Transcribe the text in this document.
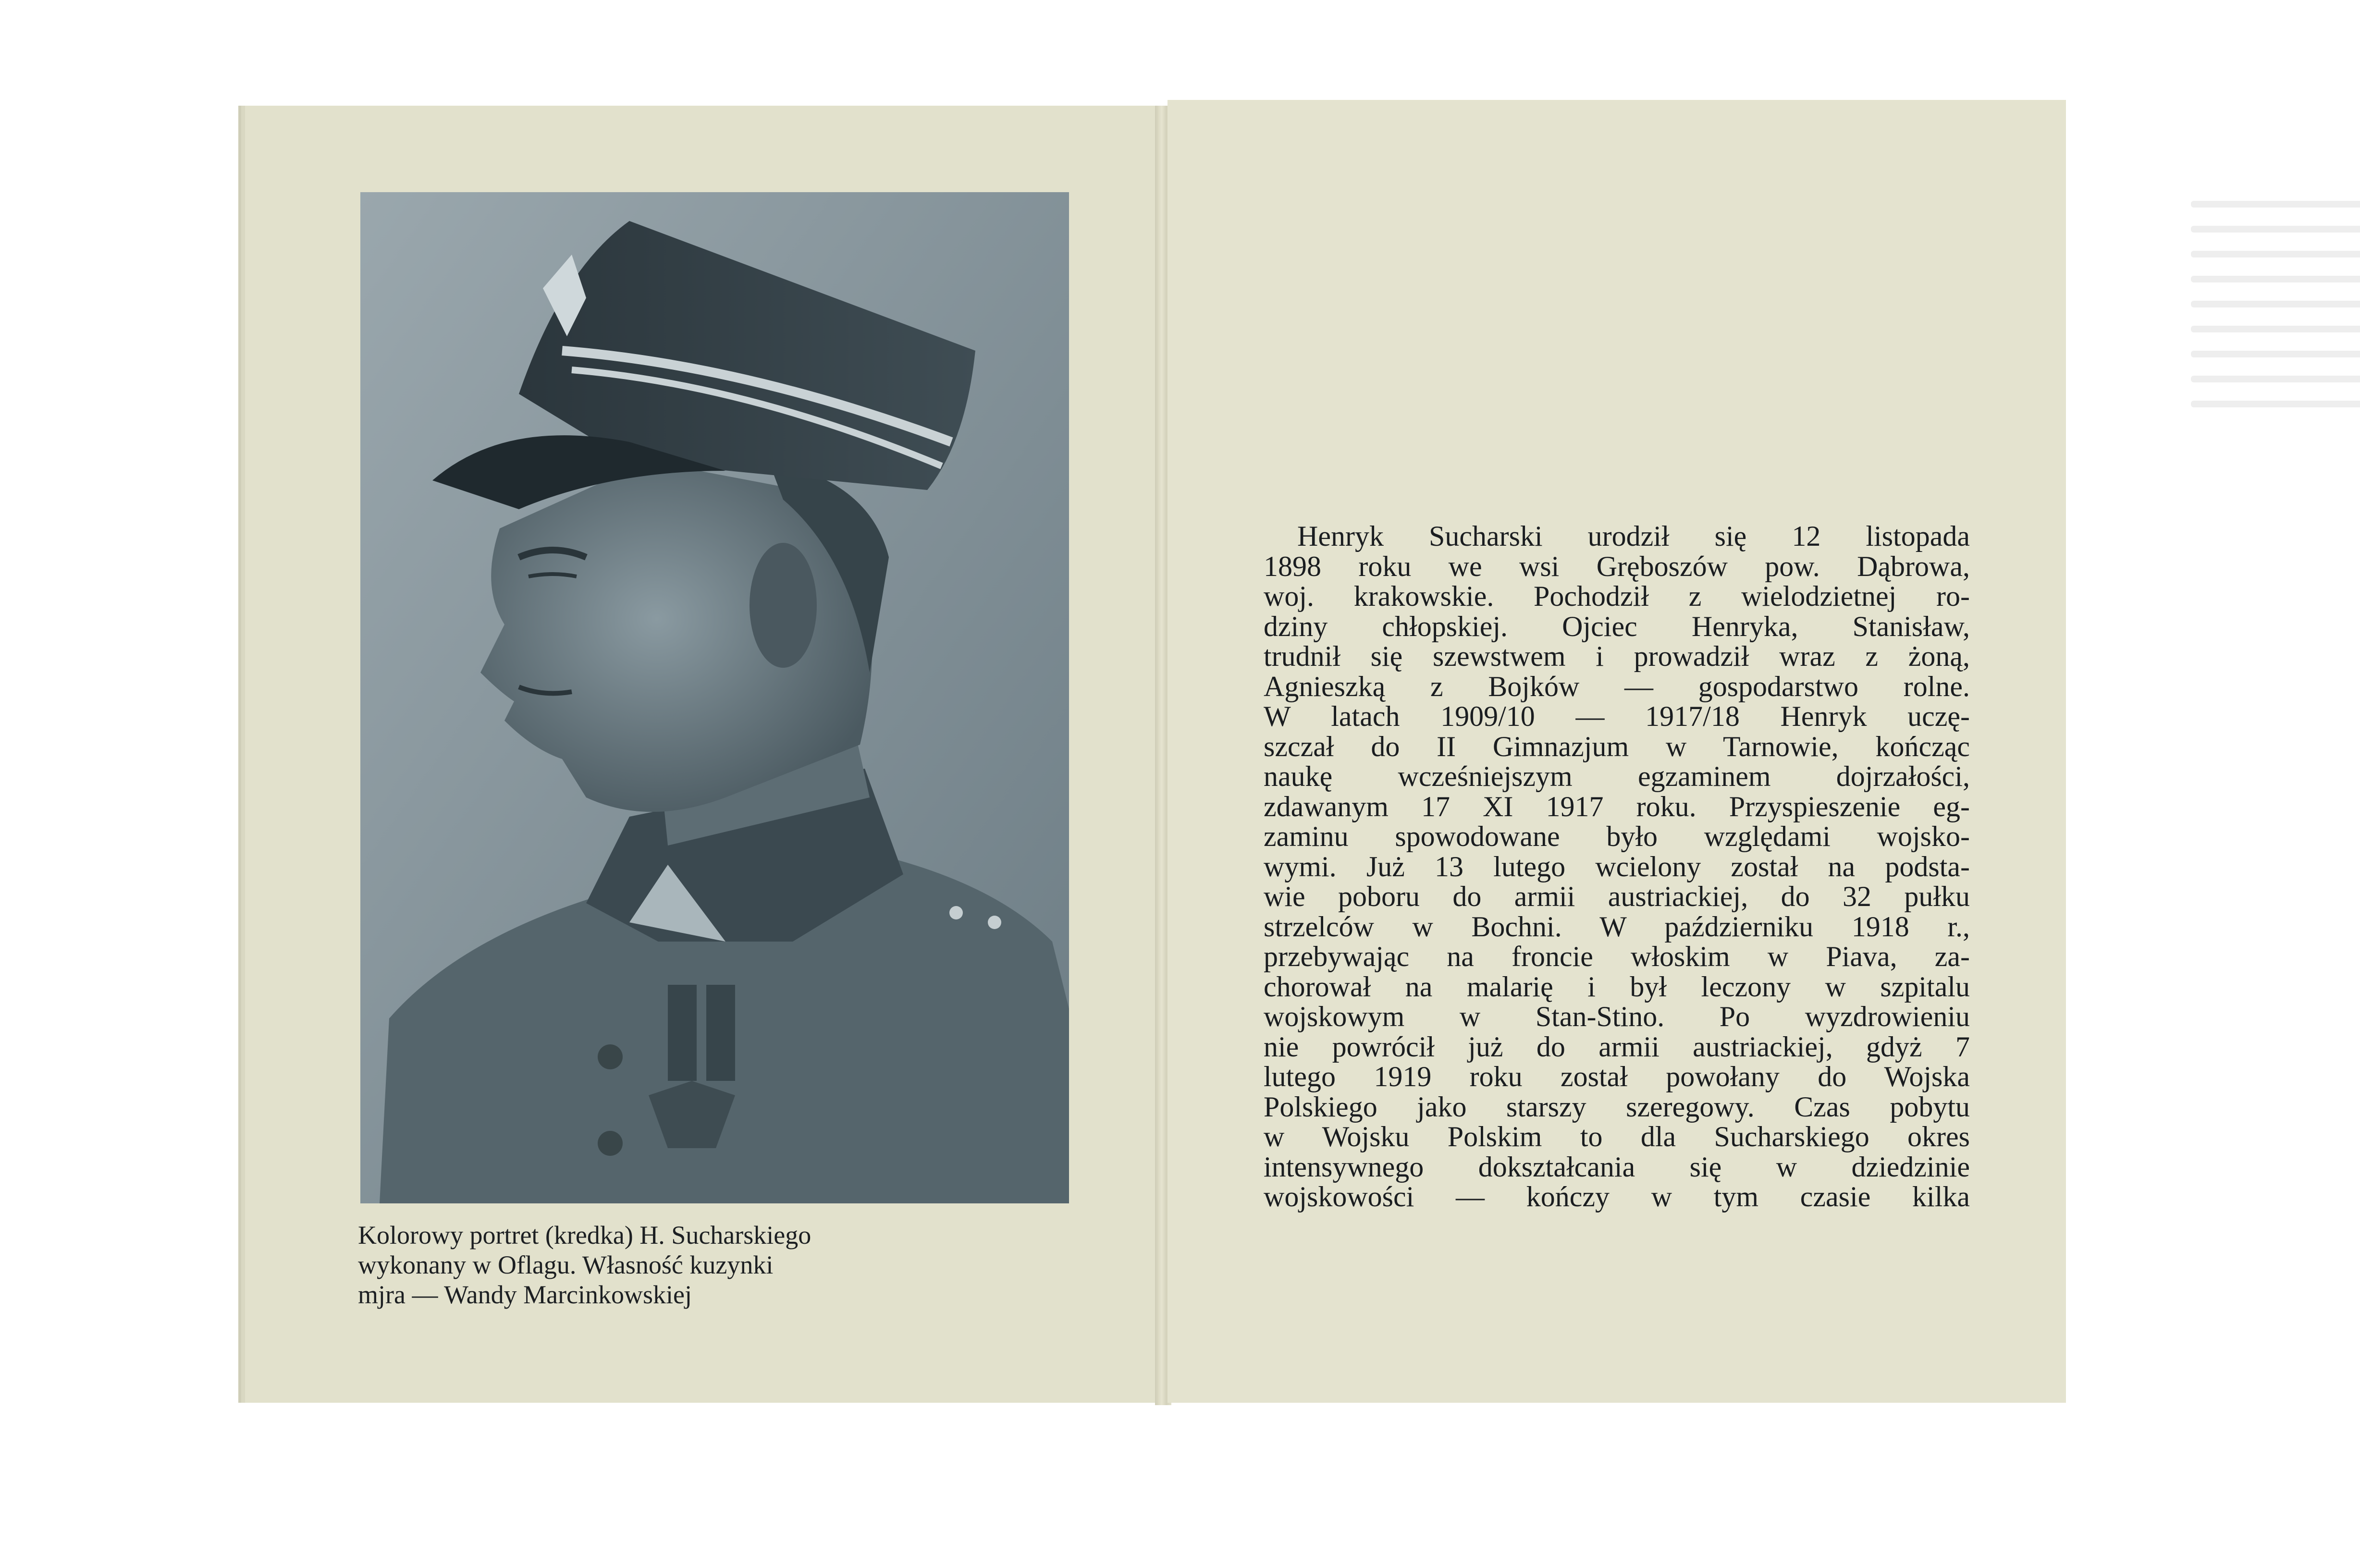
Kolorowy portret (kredka) H. Sucharskiego
wykonany w Oflagu. Własność kuzynki
mjra — Wandy Marcinkowskiej
Henryk Sucharski urodził się 12 listopada
1898 roku we wsi Gręboszów pow. Dąbrowa,
woj. krakowskie. Pochodził z wielodzietnej ro-
dziny chłopskiej. Ojciec Henryka, Stanisław,
trudnił się szewstwem i prowadził wraz z żoną,
Agnieszką z Bojków — gospodarstwo rolne.
W latach 1909/10 — 1917/18 Henryk uczę-
szczał do II Gimnazjum w Tarnowie, kończąc
naukę wcześniejszym egzaminem dojrzałości,
zdawanym 17 XI 1917 roku. Przyspieszenie eg-
zaminu spowodowane było względami wojsko-
wymi. Już 13 lutego wcielony został na podsta-
wie poboru do armii austriackiej, do 32 pułku
strzelców w Bochni. W październiku 1918 r.,
przebywając na froncie włoskim w Piava, za-
chorował na malarię i był leczony w szpitalu
wojskowym w Stan-Stino. Po wyzdrowieniu
nie powrócił już do armii austriackiej, gdyż 7
lutego 1919 roku został powołany do Wojska
Polskiego jako starszy szeregowy. Czas pobytu
w Wojsku Polskim to dla Sucharskiego okres
intensywnego dokształcania się w dziedzinie
wojskowości — kończy w tym czasie kilka
